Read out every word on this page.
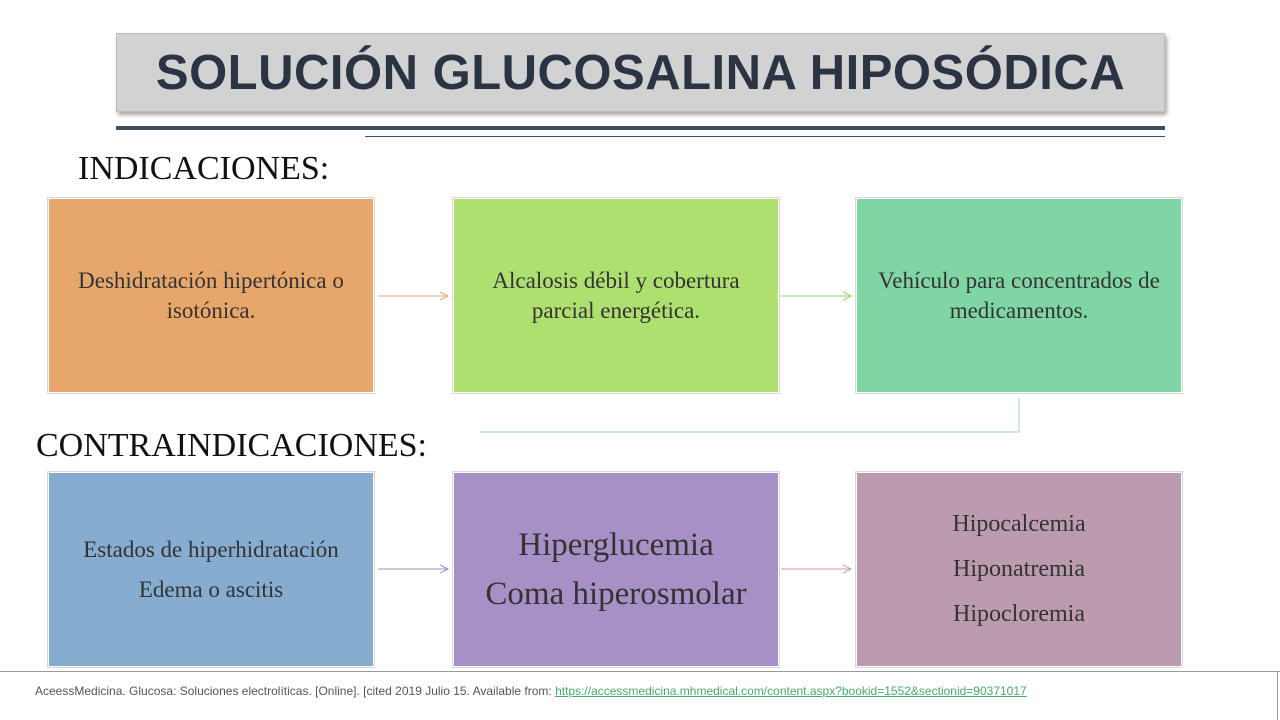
SOLUCIÓN GLUCOSALINA HIPOSÓDICA
INDICACIONES:
CONTRAINDICACIONES:
Deshidratación hipertónica o isotónica.
Alcalosis débil y cobertura parcial energética.
Vehículo para concentrados de medicamentos.
Estados de hiperhidratación
Edema o ascitis
Hiperglucemia
Coma hiperosmolar
Hipocalcemia
Hiponatremia
Hipocloremia
AceessMedicina. Glucosa: Soluciones electrolíticas. [Online]. [cited 2019 Julio 15. Available from: https://accessmedicina.mhmedical.com/content.aspx?bookid=1552&sectionid=90371017
